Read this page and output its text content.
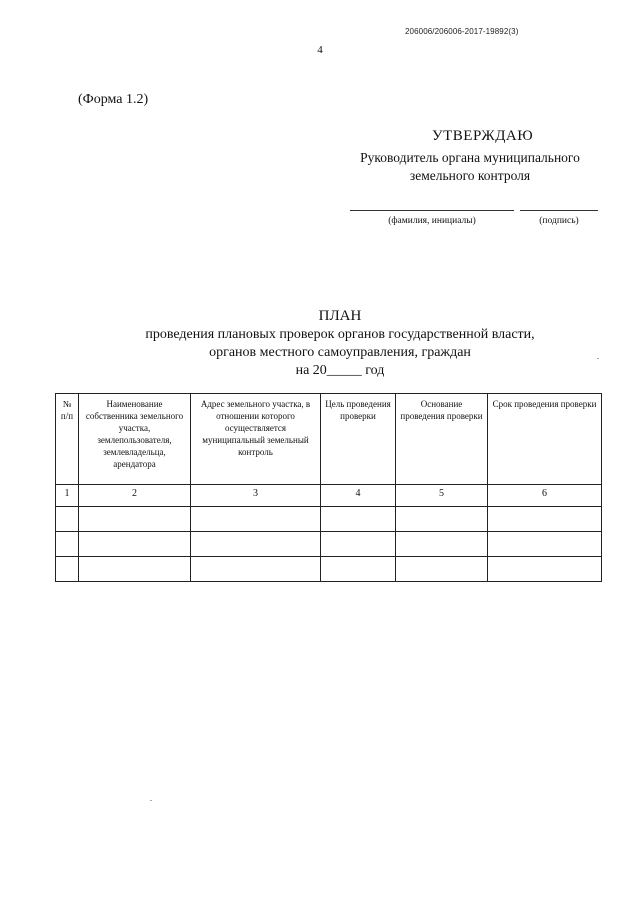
206006/206006-2017-19892(3)
4
(Форма 1.2)
УТВЕРЖДАЮ
Руководитель органа муниципального
земельного контроля
(фамилия, инициалы)	(подпись)
ПЛАН
проведения плановых проверок органов государственной власти,
органов местного самоуправления, граждан
на 20_____ год
№ п/п	Наименование собственника земельного участка, землепользователя, землевладельца, арендатора	Адрес земельного участка, в отношении которого осуществляется муниципальный земельный контроль	Цель проведения проверки	Основание проведения проверки	Срок проведения проверки
1	2	3	4	5	6
